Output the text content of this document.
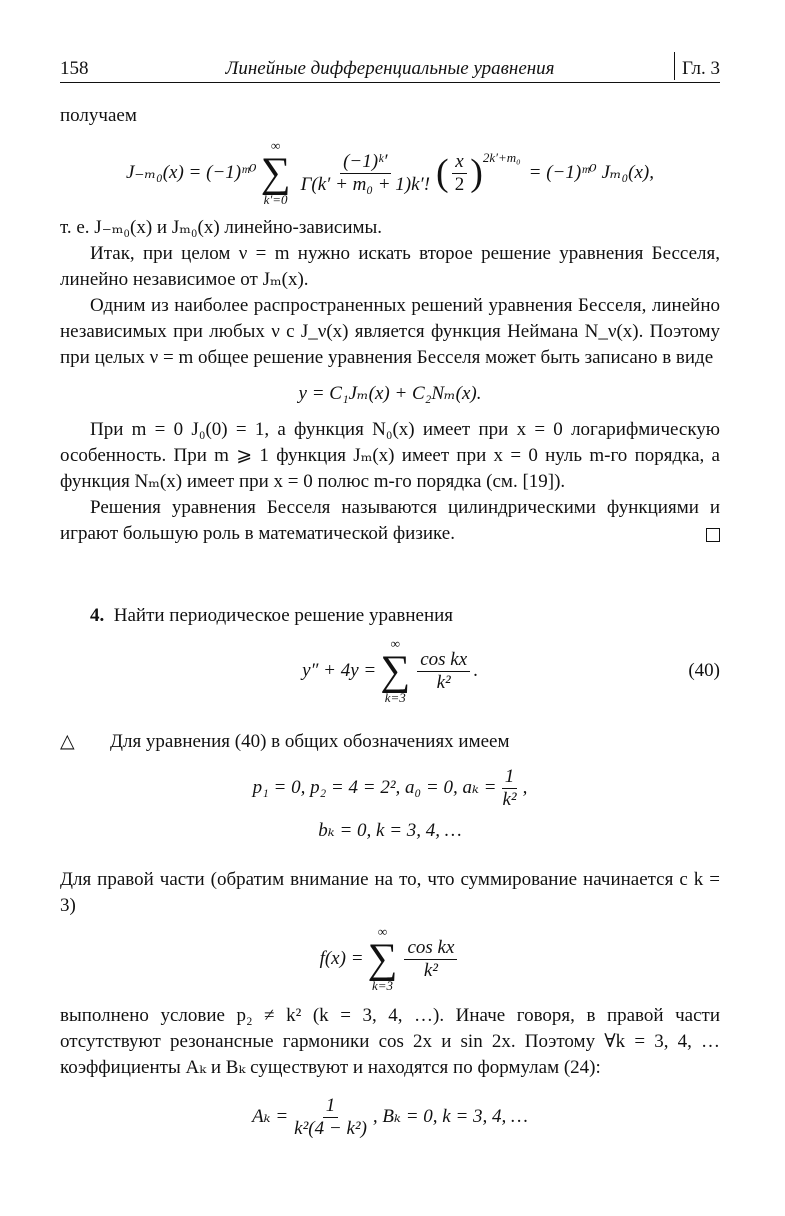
158	Линейные дифференциальные уравнения	Гл. 3

получаем

J₋ₘ₀(x) = (−1)ᵐ⁰
∞
∑
k′=0
$\frac{\text{(−1)ᵏ′}}{\text{Γ(k′ + m₀ + 1)k′!}}$ ( $\frac{x}{2} )^{2k'+m_0}$
= (−1)ᵐ⁰ Jₘ₀(x),

т. е. J₋ₘ₀(x) и Jₘ₀(x) линейно-зависимы.

Итак, при целом ν = m нужно искать второе решение уравнения Бесселя, линейно независимое от Jₘ(x).

Одним из наиболее распространенных решений уравнения Бесселя, линейно независимых при любых ν с J_ν(x) является функция Неймана N_ν(x). Поэтому при целых ν = m общее решение уравнения Бесселя может быть записано в виде

y = C₁Jₘ(x) + C₂Nₘ(x).

При m = 0 J₀(0) = 1, а функция N₀(x) имеет при x = 0 логарифмическую особенность. При m ⩾ 1 функция Jₘ(x) имеет при x = 0 нуль m-го порядка, а функция Nₘ(x) имеет при x = 0 полюс m-го порядка (см. [19]).

Решения уравнения Бесселя называются цилиндрическими функциями и играют большую роль в математической физике.

4. Найти периодическое решение уравнения

y″ + 4y =
∞
∑
k=3
$\frac{\text{cos kx}}{\text{k²}}$ .	(40)

△ Для уравнения (40) в общих обозначениях имеем

p₁ = 0, p₂ = 4 = 2², a₀ = 0, $a_k = \frac{1}{\text{k²}}$ ,
bₖ = 0, k = 3, 4, …

Для правой части (обратим внимание на то, что суммирование начинается с k = 3)

f(x) =
∞
∑
k=3
$\frac{\text{cos kx}}{\text{k²}}$

выполнено условие p₂ ≠ k² (k = 3, 4, …). Иначе говоря, в правой части отсутствуют резонансные гармоники cos 2x и sin 2x. Поэтому ∀k = 3, 4, … коэффициенты Aₖ и Bₖ существуют и находятся по формулам (24):

$A_k = \frac{1}{\text{k²(4 − k²)}}$ , Bₖ = 0, k = 3, 4, …
